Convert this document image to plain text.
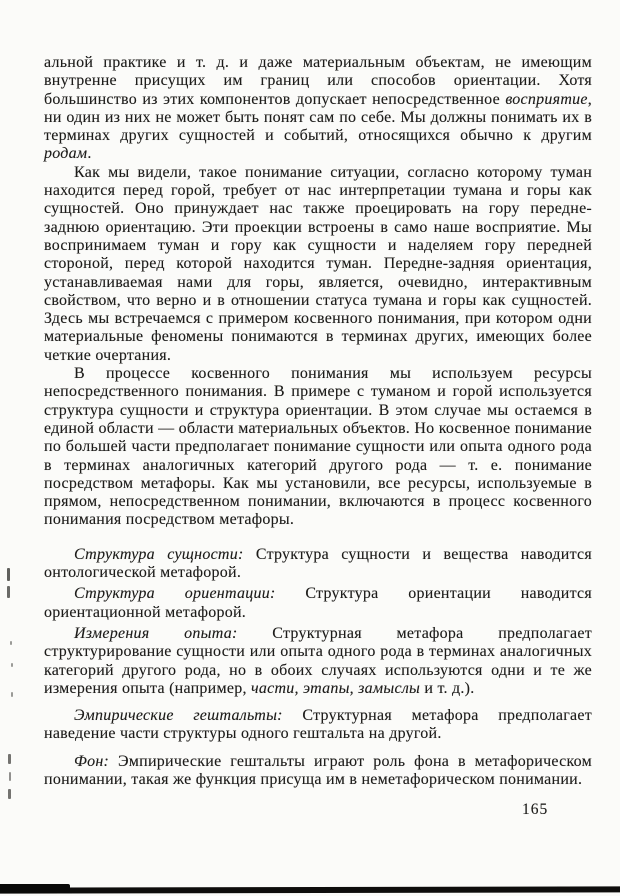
альной практике и т. д. и даже материальным объектам, не имеющим внутренне присущих им границ или способов ориентации. Хотя большинство из этих компонентов допускает непосредственное восприятие, ни один из них не может быть понят сам по себе. Мы должны понимать их в терминах других сущностей и событий, относящихся обычно к другим родам.

Как мы видели, такое понимание ситуации, согласно которому туман находится перед горой, требует от нас интерпретации тумана и горы как сущностей. Оно принуждает нас также проецировать на гору передне-заднюю ориентацию. Эти проекции встроены в само наше восприятие. Мы воспринимаем туман и гору как сущности и наделяем гору передней стороной, перед которой находится туман. Передне-задняя ориентация, устанавливаемая нами для горы, является, очевидно, интерактивным свойством, что верно и в отношении статуса тумана и горы как сущностей. Здесь мы встречаемся с примером косвенного понимания, при котором одни материальные феномены понимаются в терминах других, имеющих более четкие очертания.

В процессе косвенного понимания мы используем ресурсы непосредственного понимания. В примере с туманом и горой используется структура сущности и структура ориентации. В этом случае мы остаемся в единой области — области материальных объектов. Но косвенное понимание по большей части предполагает понимание сущности или опыта одного рода в терминах аналогичных категорий другого рода — т. е. понимание посредством метафоры. Как мы установили, все ресурсы, используемые в прямом, непосредственном понимании, включаются в процесс косвенного понимания посредством метафоры.

Структура сущности: Структура сущности и вещества наводится онтологической метафорой.

Структура ориентации: Структура ориентации наводится ориентационной метафорой.

Измерения опыта: Структурная метафора предполагает структурирование сущности или опыта одного рода в терминах аналогичных категорий другого рода, но в обоих случаях используются одни и те же измерения опыта (например, части, этапы, замыслы и т. д.).

Эмпирические гештальты: Структурная метафора предполагает наведение части структуры одного гештальта на другой.

Фон: Эмпирические гештальты играют роль фона в метафорическом понимании, такая же функция присуща им в неметафорическом понимании.

165
